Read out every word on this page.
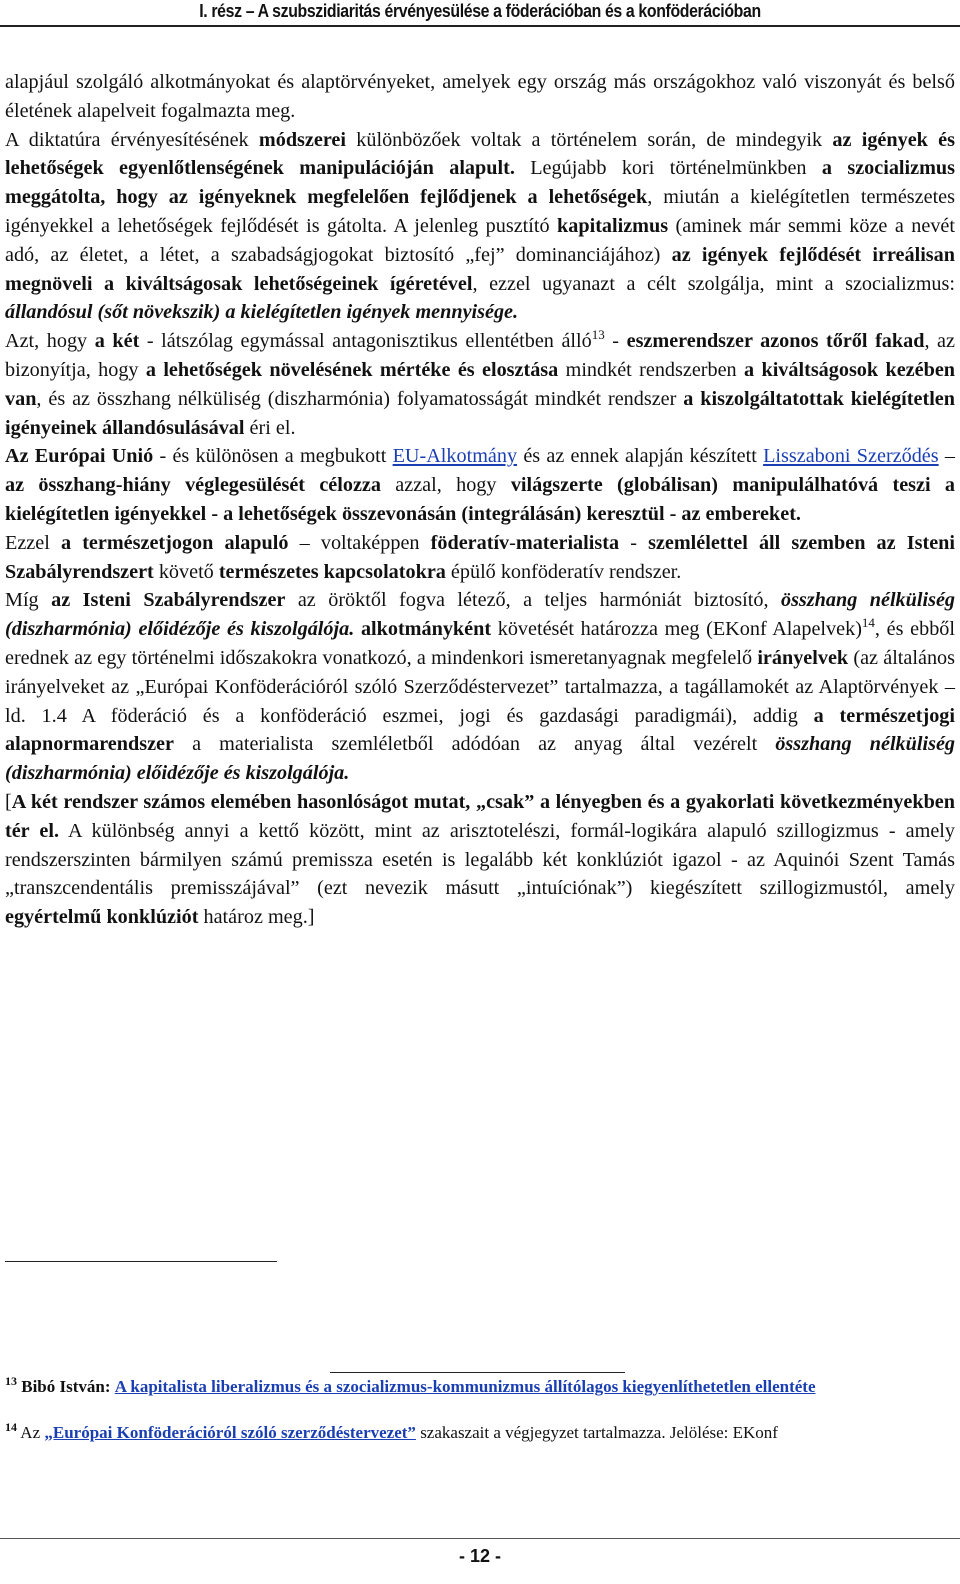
I. rész – A szubszidiaritás érvényesülése a föderációban és a konföderációban

alapjául szolgáló alkotmányokat és alaptörvényeket, amelyek egy ország más országokhoz való viszonyát és belső életének alapelveit fogalmazta meg.

A diktatúra érvényesítésének módszerei különbözőek voltak a történelem során, de mindegyik az igények és lehetőségek egyenlőtlenségének manipulációján alapult. Legújabb kori történelmünkben a szocializmus meggátolta, hogy az igényeknek megfelelően fejlődjenek a lehetőségek, miután a kielégítetlen természetes igényekkel a lehetőségek fejlődését is gátolta. A jelenleg pusztító kapitalizmus (aminek már semmi köze a nevét adó, az életet, a létet, a szabadságjogokat biztosító „fej” dominanciájához) az igények fejlődését irreálisan megnöveli a kiváltságosak lehetőségeinek ígéretével, ezzel ugyanazt a célt szolgálja, mint a szocializmus: állandósul (sőt növekszik) a kielégítetlen igények mennyisége.

Azt, hogy a két - látszólag egymással antagonisztikus ellentétben álló$^{13}$ - eszmerendszer azonos tőről fakad, az bizonyítja, hogy a lehetőségek növelésének mértéke és elosztása mindkét rendszerben a kiváltságosok kezében van, és az összhang nélküliség (diszharmónia) folyamatosságát mindkét rendszer a kiszolgáltatottak kielégítetlen igényeinek állandósulásával éri el.

Az Európai Unió - és különösen a megbukott EU-Alkotmány és az ennek alapján készített Lisszaboni Szerződés – az összhang-hiány véglegesülését célozza azzal, hogy világszerte (globálisan) manipulálhatóvá teszi a kielégítetlen igényekkel - a lehetőségek összevonásán (integrálásán) keresztül - az embereket.

Ezzel a természetjogon alapuló – voltaképpen föderatív-materialista - szemlélettel áll szemben az Isteni Szabályrendszert követő természetes kapcsolatokra épülő konföderatív rendszer.

Míg az Isteni Szabályrendszer az öröktől fogva létező, a teljes harmóniát biztosító, összhang nélküliség (diszharmónia) előidézője és kiszolgálója. alkotmányként követését határozza meg (EKonf Alapelvek)$^{14}$, és ebből erednek az egy történelmi időszakokra vonatkozó, a mindenkori ismeretanyagnak megfelelő irányelvek (az általános irányelveket az „Európai Konföderációról szóló Szerződéstervezet” tartalmazza, a tagállamokét az Alaptörvények – ld. 1.4 A föderáció és a konföderáció eszmei, jogi és gazdasági paradigmái), addig a természetjogi alapnormarendszer a materialista szemléletből adódóan az anyag által vezérelt összhang nélküliség (diszharmónia) előidézője és kiszolgálója.

[A két rendszer számos elemében hasonlóságot mutat, „csak” a lényegben és a gyakorlati következményekben tér el. A különbség annyi a kettő között, mint az arisztotelészi, formál-logikára alapuló szillogizmus - amely rendszerszinten bármilyen számú premissza esetén is legalább két konklúziót igazol - az Aquinói Szent Tamás „transzcendentális premisszájával” (ezt nevezik másutt „intuíciónak”) kiegészített szillogizmustól, amely egyértelmű konklúziót határoz meg.]

$^{13}$ Bibó István: A kapitalista liberalizmus és a szocializmus-kommunizmus állítólagos kiegyenlíthetetlen ellentéte

$^{14}$ Az „Európai Konföderációról szóló szerződéstervezet” szakaszait a végjegyzet tartalmazza. Jelölése: EKonf

- 12 -
